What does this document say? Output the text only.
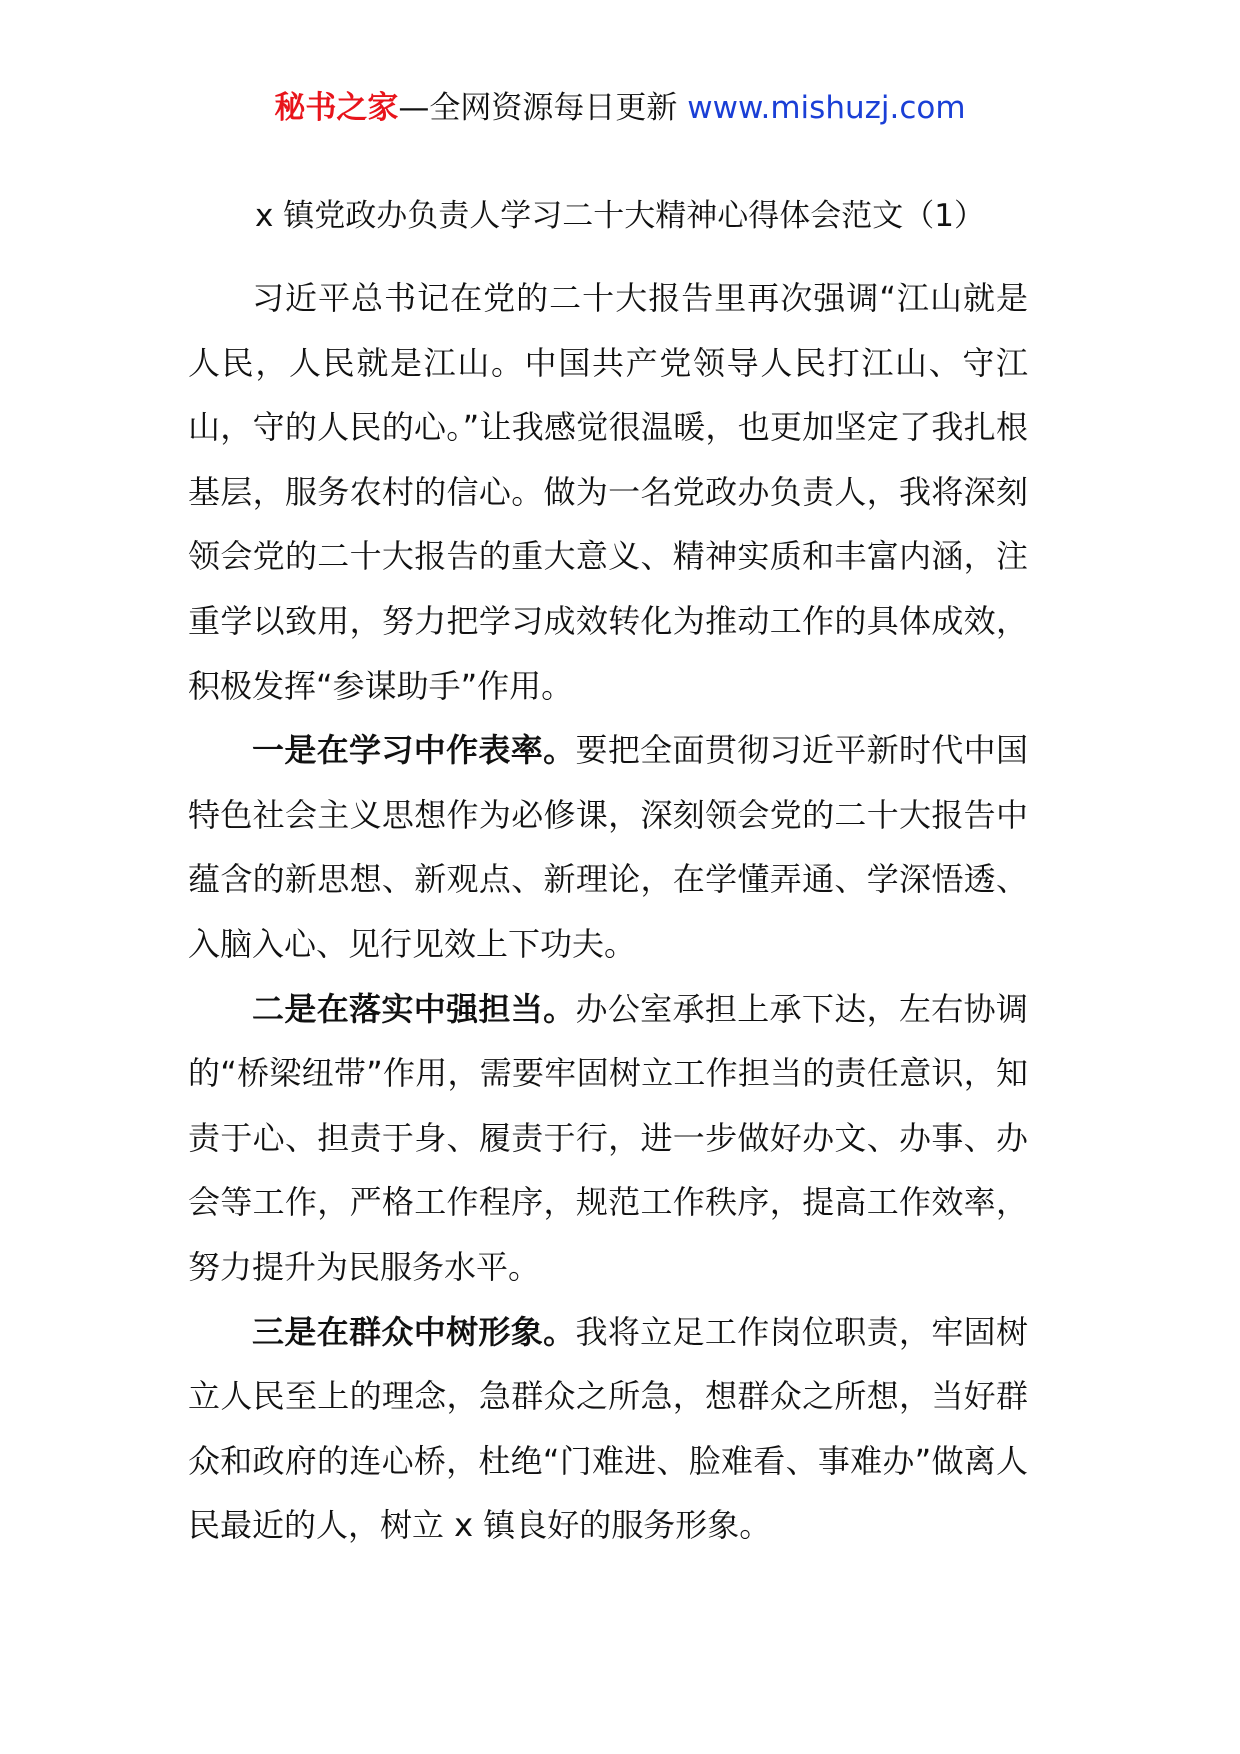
秘书之家—全网资源每日更新 www.mishuzj.com
x 镇党政办负责人学习二十大精神心得体会范文（1）

习近平总书记在党的二十大报告里再次强调“江山就是人民，人民就是江山。中国共产党领导人民打江山、守江山，守的人民的心。”让我感觉很温暖，也更加坚定了我扎根基层，服务农村的信心。做为一名党政办负责人，我将深刻领会党的二十大报告的重大意义、精神实质和丰富内涵，注重学以致用，努力把学习成效转化为推动工作的具体成效，积极发挥“参谋助手”作用。

一是在学习中作表率。要把全面贯彻习近平新时代中国特色社会主义思想作为必修课，深刻领会党的二十大报告中蕴含的新思想、新观点、新理论，在学懂弄通、学深悟透、入脑入心、见行见效上下功夫。

二是在落实中强担当。办公室承担上承下达，左右协调的“桥梁纽带”作用，需要牢固树立工作担当的责任意识，知责于心、担责于身、履责于行，进一步做好办文、办事、办会等工作，严格工作程序，规范工作秩序，提高工作效率，努力提升为民服务水平。

三是在群众中树形象。我将立足工作岗位职责，牢固树立人民至上的理念，急群众之所急，想群众之所想，当好群众和政府的连心桥，杜绝“门难进、脸难看、事难办”做离人民最近的人，树立 x 镇良好的服务形象。
